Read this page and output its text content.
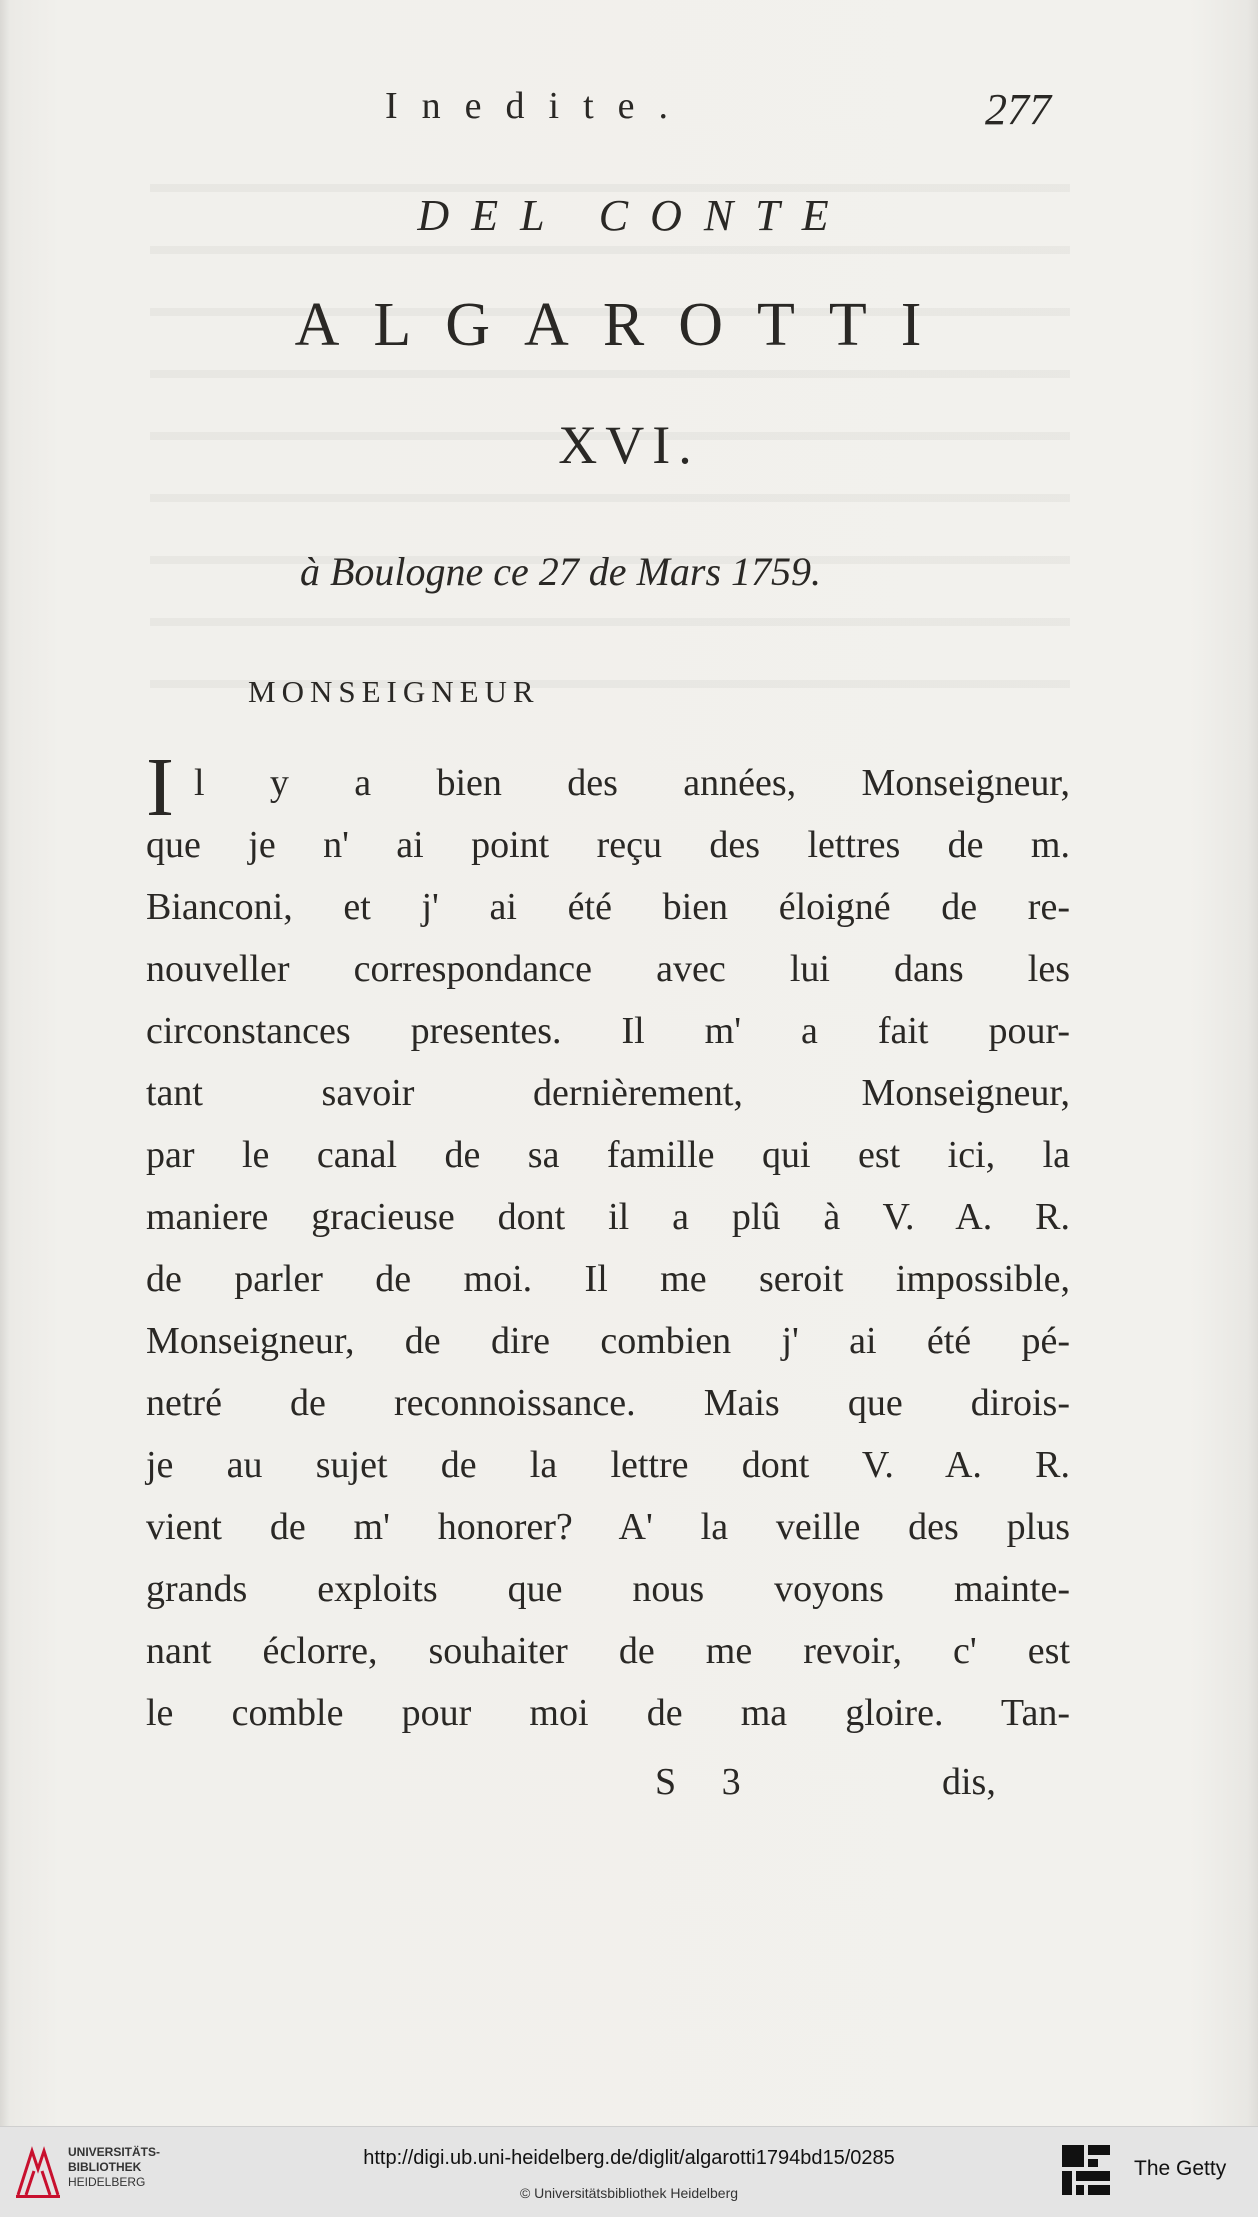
Inedite.	277
DEL CONTE
ALGAROTTI
XVI.
à Boulogne ce 27 de Mars 1759.
MONSEIGNEUR
I l y a bien des années, Monseigneur,
que je n' ai point reçu des lettres de m.
Bianconi, et j' ai été bien éloigné de re-
nouveller correspondance avec lui dans les
circonstances presentes. Il m' a fait pour-
tant savoir dernièrement, Monseigneur,
par le canal de sa famille qui est ici, la
maniere gracieuse dont il a plû à V. A. R.
de parler de moi. Il me seroit impossible,
Monseigneur, de dire combien j' ai été pé-
netré de reconnoissance. Mais que dirois-
je au sujet de la lettre dont V. A. R.
vient de m' honorer? A' la veille des plus
grands exploits que nous voyons mainte-
nant éclorre, souhaiter de me revoir, c' est
le comble pour moi de ma gloire. Tan-
S 3	dis,
UNIVERSITÄTS-
BIBLIOTHEK
HEIDELBERG
http://digi.ub.uni-heidelberg.de/diglit/algarotti1794bd15/0285
© Universitätsbibliothek Heidelberg
The Getty
